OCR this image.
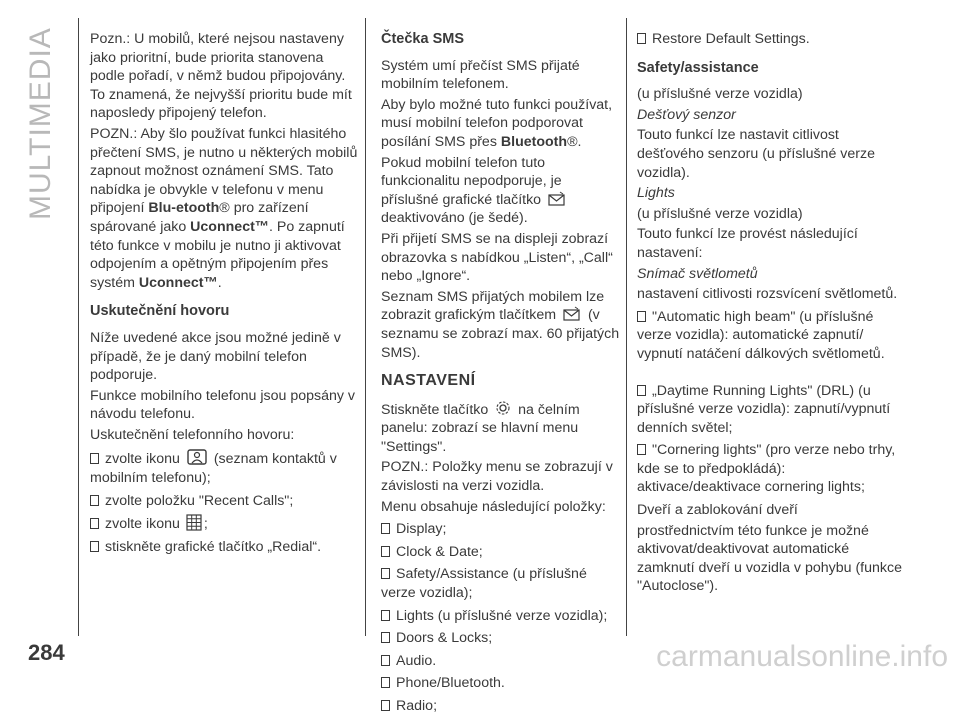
MULTIMEDIA Pozn.: U mobilů, které nejsou nastaveny jako prioritní, bude priorita stanovena podle pořadí, v němž budou připojovány. To znamená, že nejvyšší prioritu bude mít naposledy připojený telefon.

POZN.: Aby šlo používat funkci hlasitého přečtení SMS, je nutno u některých mobilů zapnout možnost oznámení SMS. Tato nabídka je obvykle v telefonu v menu připojení Blu-etooth® pro zařízení spárované jako Uconnect™. Po zapnutí této funkce v mobilu je nutno ji aktivovat odpojením a opětným připojením přes systém Uconnect™.

Uskutečnění hovoru

Níže uvedené akce jsou možné jedině v případě, že je daný mobilní telefon podporuje.

Funkce mobilního telefonu jsou popsány v návodu telefonu.

Uskutečnění telefonního hovoru:

zvolte ikonu (seznam kontaktů v mobilním telefonu);
zvolte položku "Recent Calls";
zvolte ikonu ;
stiskněte grafické tlačítko „Redial“.
Čtečka SMS

Systém umí přečíst SMS přijaté mobilním telefonem.

Aby bylo možné tuto funkci používat, musí mobilní telefon podporovat posílání SMS přes Bluetooth®.

Pokud mobilní telefon tuto funkcionalitu nepodporuje, je příslušné grafické tlačítko  deaktivováno (je šedé).

Při přijetí SMS se na displeji zobrazí obrazovka s nabídkou „Listen“, „Call“ nebo „Ignore“.

Seznam SMS přijatých mobilem lze zobrazit grafickým tlačítkem (v seznamu se zobrazí max. 60 přijatých SMS).

NASTAVENÍ

Stiskněte tlačítko na čelním panelu: zobrazí se hlavní menu "Settings".

POZN.: Položky menu se zobrazují v závislosti na verzi vozidla.

Menu obsahuje následující položky:

Display;
Clock & Date;
Safety/Assistance (u příslušné verze vozidla);
Lights (u příslušné verze vozidla);
Doors & Locks;
Audio.
Phone/Bluetooth.
Radio;
Restore Default Settings.
Safety/assistance

(u příslušné verze vozidla)

Dešťový senzor

Touto funkcí lze nastavit citlivost dešťového senzoru (u příslušné verze vozidla).

Lights

(u příslušné verze vozidla)

Touto funkcí lze provést následující nastavení:

Snímač světlometů

nastavení citlivosti rozsvícení světlometů.

"Automatic high beam" (u příslušné verze vozidla): automatické zapnutí/ vypnutí natáčení dálkových světlometů.
„Daytime Running Lights" (DRL) (u příslušné verze vozidla): zapnutí/vypnutí denních světel;
"Cornering lights" (pro verze nebo trhy, kde se to předpokládá): aktivace/deaktivace cornering lights;

Dveří a zablokování dveří

prostřednictvím této funkce je možné aktivovat/deaktivovat automatické zamknutí dveří u vozidla v pohybu (funkce "Autoclose").

284	carmanualsonline.info
